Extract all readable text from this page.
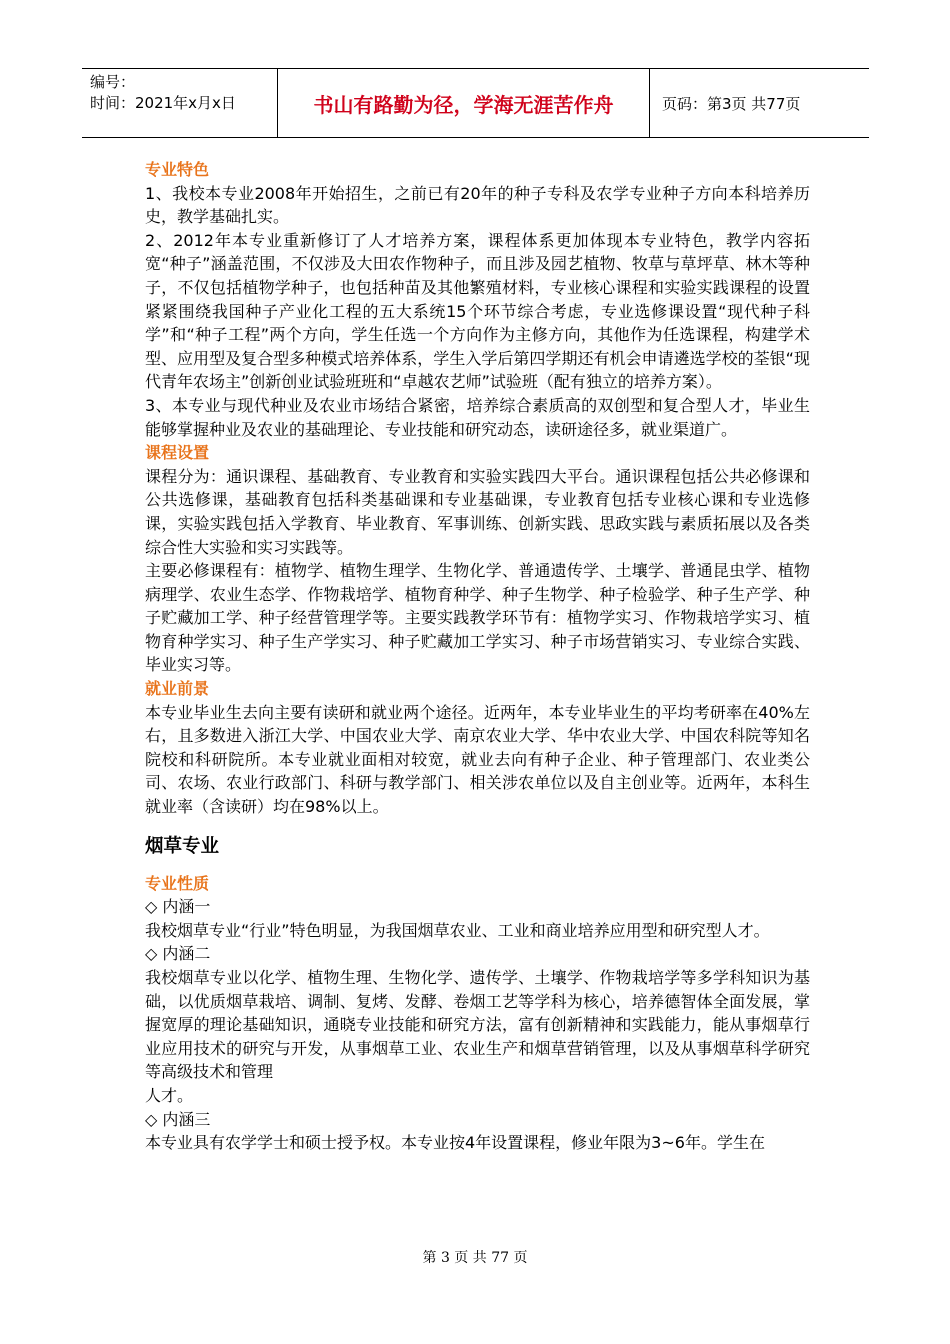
编号：
时间：2021年x月x日	书山有路勤为径，学海无涯苦作舟	页码：第3页 共77页

专业特色

1、我校本专业2008年开始招生，之前已有20年的种子专科及农学专业种子方向本科培养历史，教学基础扎实。

2、2012年本专业重新修订了人才培养方案，课程体系更加体现本专业特色，教学内容拓宽“种子”涵盖范围，不仅涉及大田农作物种子，而且涉及园艺植物、牧草与草坪草、林木等种子，不仅包括植物学种子，也包括种苗及其他繁殖材料，专业核心课程和实验实践课程的设置紧紧围绕我国种子产业化工程的五大系统15个环节综合考虑，专业选修课设置“现代种子科学”和“种子工程”两个方向，学生任选一个方向作为主修方向，其他作为任选课程，构建学术型、应用型及复合型多种模式培养体系，学生入学后第四学期还有机会申请遴选学校的荃银“现代青年农场主”创新创业试验班班和“卓越农艺师”试验班（配有独立的培养方案）。

3、本专业与现代种业及农业市场结合紧密，培养综合素质高的双创型和复合型人才，毕业生能够掌握种业及农业的基础理论、专业技能和研究动态，读研途径多，就业渠道广。

课程设置

课程分为：通识课程、基础教育、专业教育和实验实践四大平台。通识课程包括公共必修课和公共选修课，基础教育包括科类基础课和专业基础课，专业教育包括专业核心课和专业选修课，实验实践包括入学教育、毕业教育、军事训练、创新实践、思政实践与素质拓展以及各类综合性大实验和实习实践等。

主要必修课程有：植物学、植物生理学、生物化学、普通遗传学、土壤学、普通昆虫学、植物病理学、农业生态学、作物栽培学、植物育种学、种子生物学、种子检验学、种子生产学、种子贮藏加工学、种子经营管理学等。主要实践教学环节有：植物学实习、作物栽培学实习、植物育种学实习、种子生产学实习、种子贮藏加工学实习、种子市场营销实习、专业综合实践、毕业实习等。

就业前景

本专业毕业生去向主要有读研和就业两个途径。近两年，本专业毕业生的平均考研率在40%左右，且多数进入浙江大学、中国农业大学、南京农业大学、华中农业大学、中国农科院等知名院校和科研院所。本专业就业面相对较宽，就业去向有种子企业、种子管理部门、农业类公司、农场、农业行政部门、科研与教学部门、相关涉农单位以及自主创业等。近两年，本科生就业率（含读研）均在98%以上。

烟草专业

专业性质

◇ 内涵一

我校烟草专业“行业”特色明显，为我国烟草农业、工业和商业培养应用型和研究型人才。

◇ 内涵二

我校烟草专业以化学、植物生理、生物化学、遗传学、土壤学、作物栽培学等多学科知识为基础，以优质烟草栽培、调制、复烤、发酵、卷烟工艺等学科为核心，培养德智体全面发展，掌握宽厚的理论基础知识，通晓专业技能和研究方法，富有创新精神和实践能力，能从事烟草行业应用技术的研究与开发，从事烟草工业、农业生产和烟草营销管理，以及从事烟草科学研究等高级技术和管理

人才。

◇ 内涵三

本专业具有农学学士和硕士授予权。本专业按4年设置课程，修业年限为3~6年。学生在

第 3 页 共 77 页
